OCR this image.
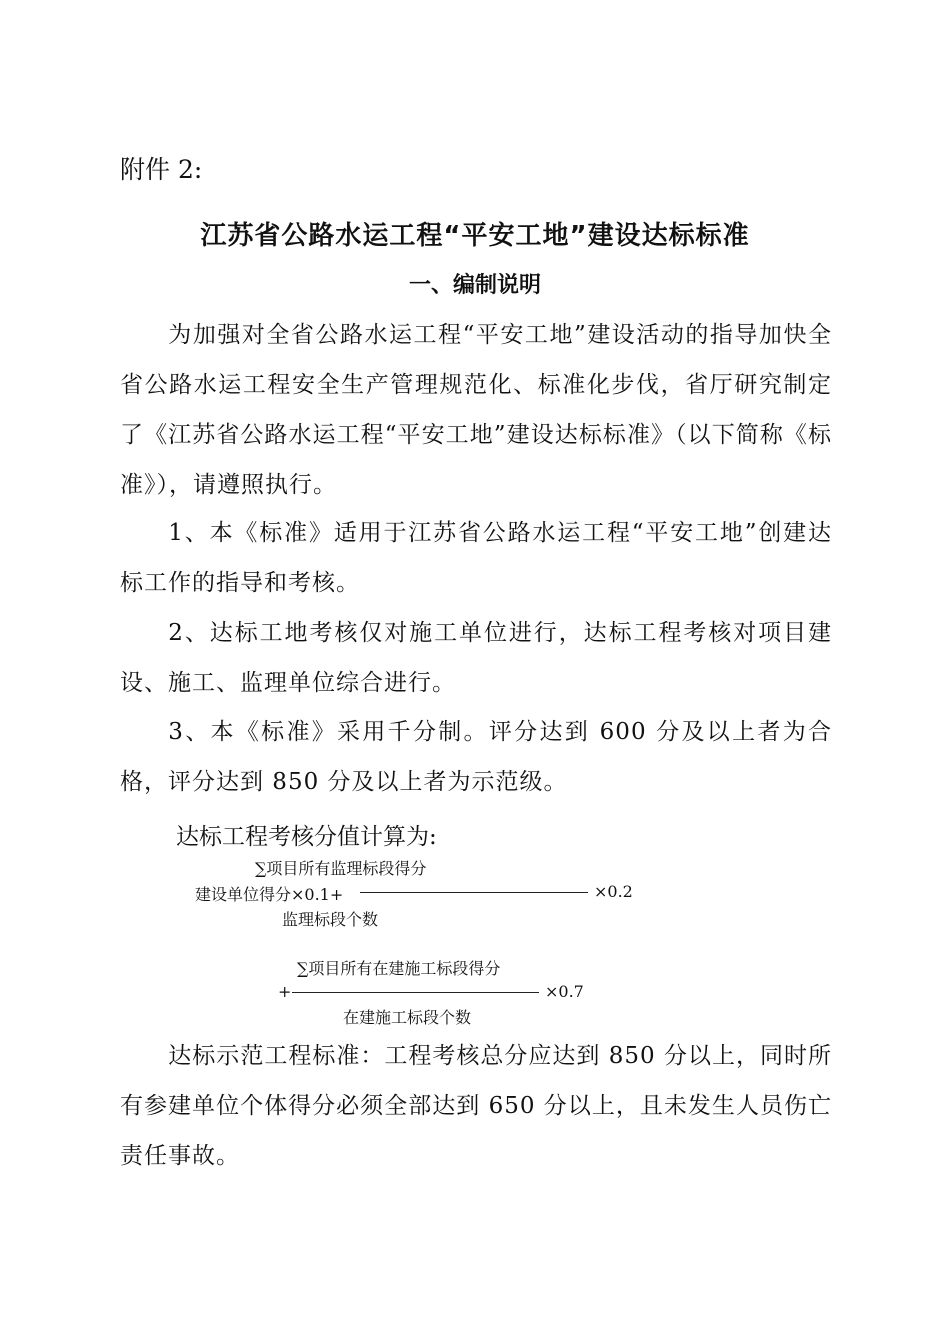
附件 2:
江苏省公路水运工程“平安工地”建设达标标准
一、编制说明
为加强对全省公路水运工程“平安工地”建设活动的指导加快全省公路水运工程安全生产管理规范化、标准化步伐，省厅研究制定了《江苏省公路水运工程“平安工地”建设达标标准》（以下简称《标准》），请遵照执行。
1、本《标准》适用于江苏省公路水运工程“平安工地”创建达标工作的指导和考核。
2、达标工地考核仅对施工单位进行，达标工程考核对项目建设、施工、监理单位综合进行。
3、本《标准》采用千分制。评分达到 600 分及以上者为合格，评分达到 850 分及以上者为示范级。
达标工程考核分值计算为:
∑项目所有监理标段得分
建设单位得分×0.1+	×0.2
监理标段个数
∑项目所有在建施工标段得分
+	×0.7
在建施工标段个数
达标示范工程标准：工程考核总分应达到 850 分以上，同时所有参建单位个体得分必须全部达到 650 分以上，且未发生人员伤亡责任事故。
